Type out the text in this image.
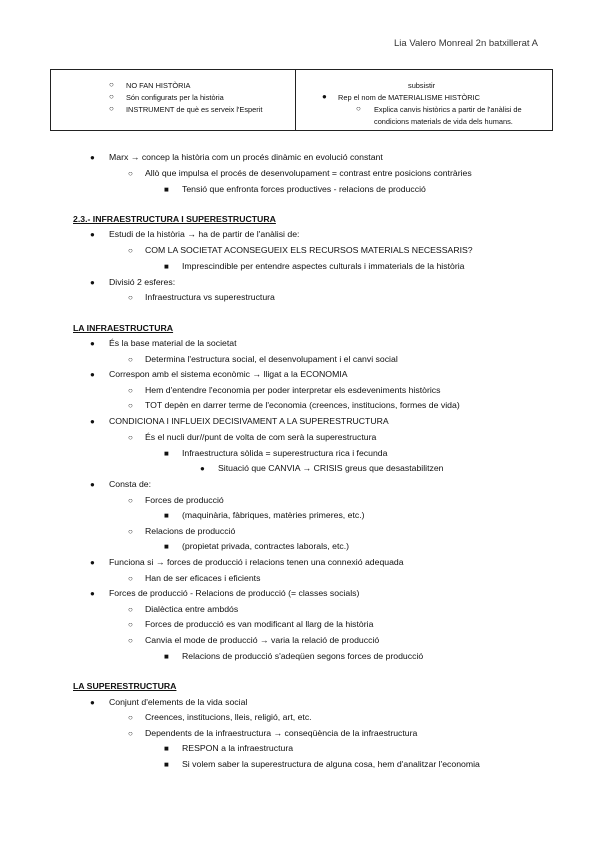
Lia Valero Monreal 2n batxillerat A
○ NO FAN HISTÒRIA
○ Són configurats per la història
○ INSTRUMENT de què es serveix l'Esperit
subsistir
● Rep el nom de MATERIALISME HISTÒRIC
○ Explica canvis històrics a partir de l'anàlisi de
condicions materials de vida dels humans.
● Marx → concep la història com un procés dinàmic en evolució constant
○ Allò que impulsa el procés de desenvolupament = contrast entre posicions contràries
■ Tensió que enfronta forces productives - relacions de producció
2.3.- INFRAESTRUCTURA I SUPERESTRUCTURA
● Estudi de la història → ha de partir de l'anàlisi de:
○ COM LA SOCIETAT ACONSEGUEIX ELS RECURSOS MATERIALS NECESSARIS?
■ Imprescindible per entendre aspectes culturals i immaterials de la història
● Divisió 2 esferes:
○ Infraestructura vs superestructura
LA INFRAESTRUCTURA
● És la base material de la societat
○ Determina l'estructura social, el desenvolupament i el canvi social
● Correspon amb el sistema econòmic → lligat a la ECONOMIA
○ Hem d'entendre l'economia per poder interpretar els esdeveniments històrics
○ TOT depèn en darrer terme de l'economia (creences, institucions, formes de vida)
● CONDICIONA I INFLUEIX DECISIVAMENT A LA SUPERESTRUCTURA
○ És el nucli dur//punt de volta de com serà la superestructura
■ Infraestructura sòlida = superestructura rica i fecunda
● Situació que CANVIA → CRISIS greus que desastabilitzen
● Consta de:
○ Forces de producció
■ (maquinària, fàbriques, matèries primeres, etc.)
○ Relacions de producció
■ (propietat privada, contractes laborals, etc.)
● Funciona si → forces de producció i relacions tenen una connexió adequada
○ Han de ser eficaces i eficients
● Forces de producció - Relacions de producció (= classes socials)
○ Dialèctica entre ambdós
○ Forces de producció es van modificant al llarg de la història
○ Canvia el mode de producció → varia la relació de producció
■ Relacions de producció s'adeqüen segons forces de producció
LA SUPERESTRUCTURA
● Conjunt d'elements de la vida social
○ Creences, institucions, lleis, religió, art, etc.
○ Dependents de la infraestructura → conseqüència de la infraestructura
■ RESPON a la infraestructura
■ Si volem saber la superestructura de alguna cosa, hem d'analitzar l'economia
